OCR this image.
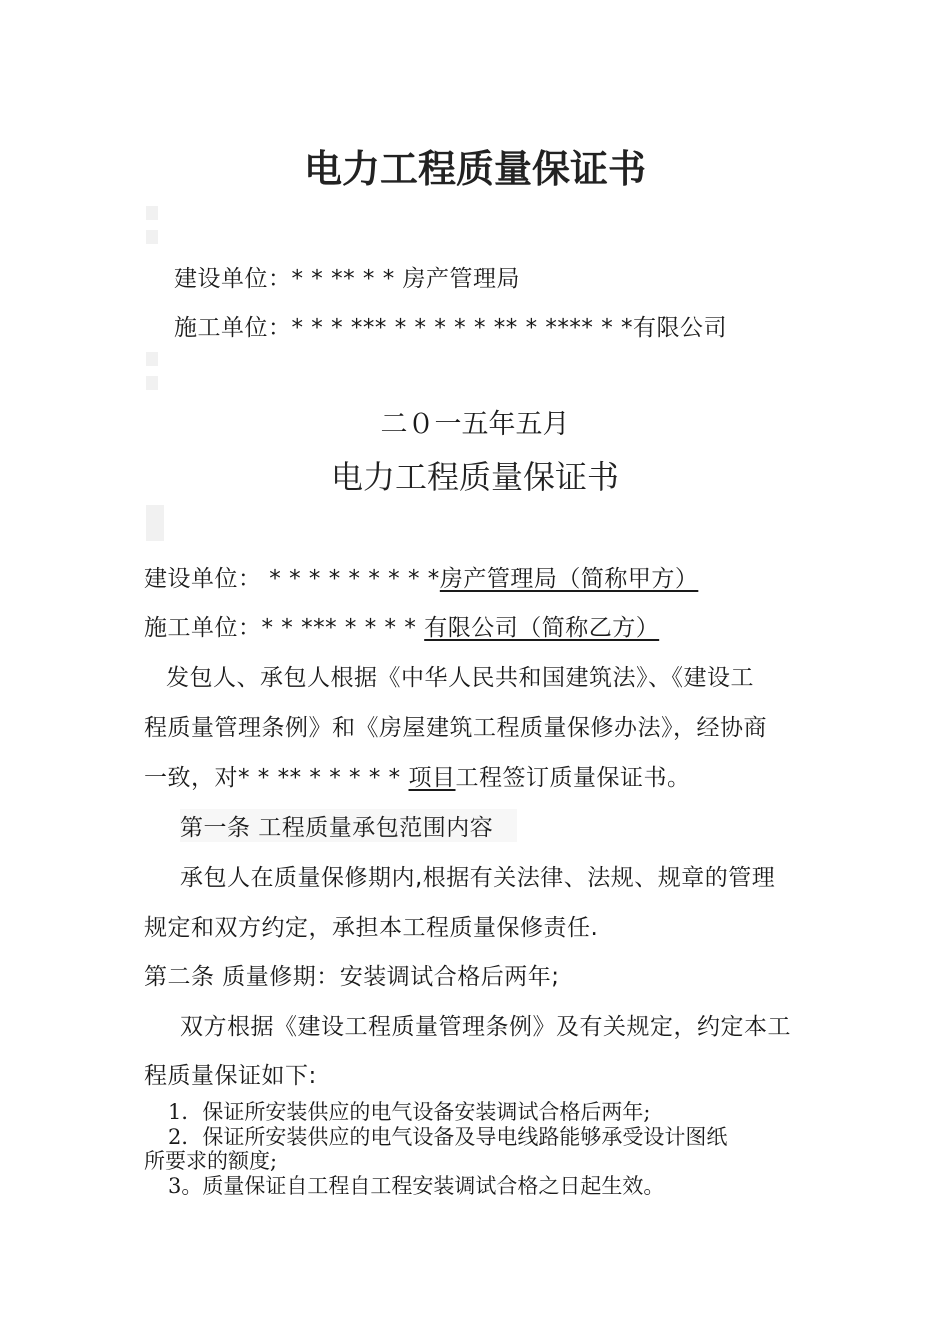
电力工程质量保证书
建设单位：* * ** * * 房产管理局
施工单位：* * * *** * * * * * ** * **** * *有限公司
二０一五年五月
电力工程质量保证书
建设单位： * * * * * * * * *房产管理局（简称甲方）
施工单位：* * *** * * * * 有限公司（简称乙方）
发包人、承包人根据《中华人民共和国建筑法》、《建设工
程质量管理条例》和《房屋建筑工程质量保修办法》，经协商
一致，对* * ** * * * * * 项目工程签订质量保证书。
第一条 工程质量承包范围内容
承包人在质量保修期内,根据有关法律、法规、规章的管理
规定和双方约定，承担本工程质量保修责任.
第二条 质量修期：安装调试合格后两年;
双方根据《建设工程质量管理条例》及有关规定，约定本工
程质量保证如下:
1．保证所安装供应的电气设备安装调试合格后两年;
2．保证所安装供应的电气设备及导电线路能够承受设计图纸
所要求的额度;
3。质量保证自工程自工程安装调试合格之日起生效。
